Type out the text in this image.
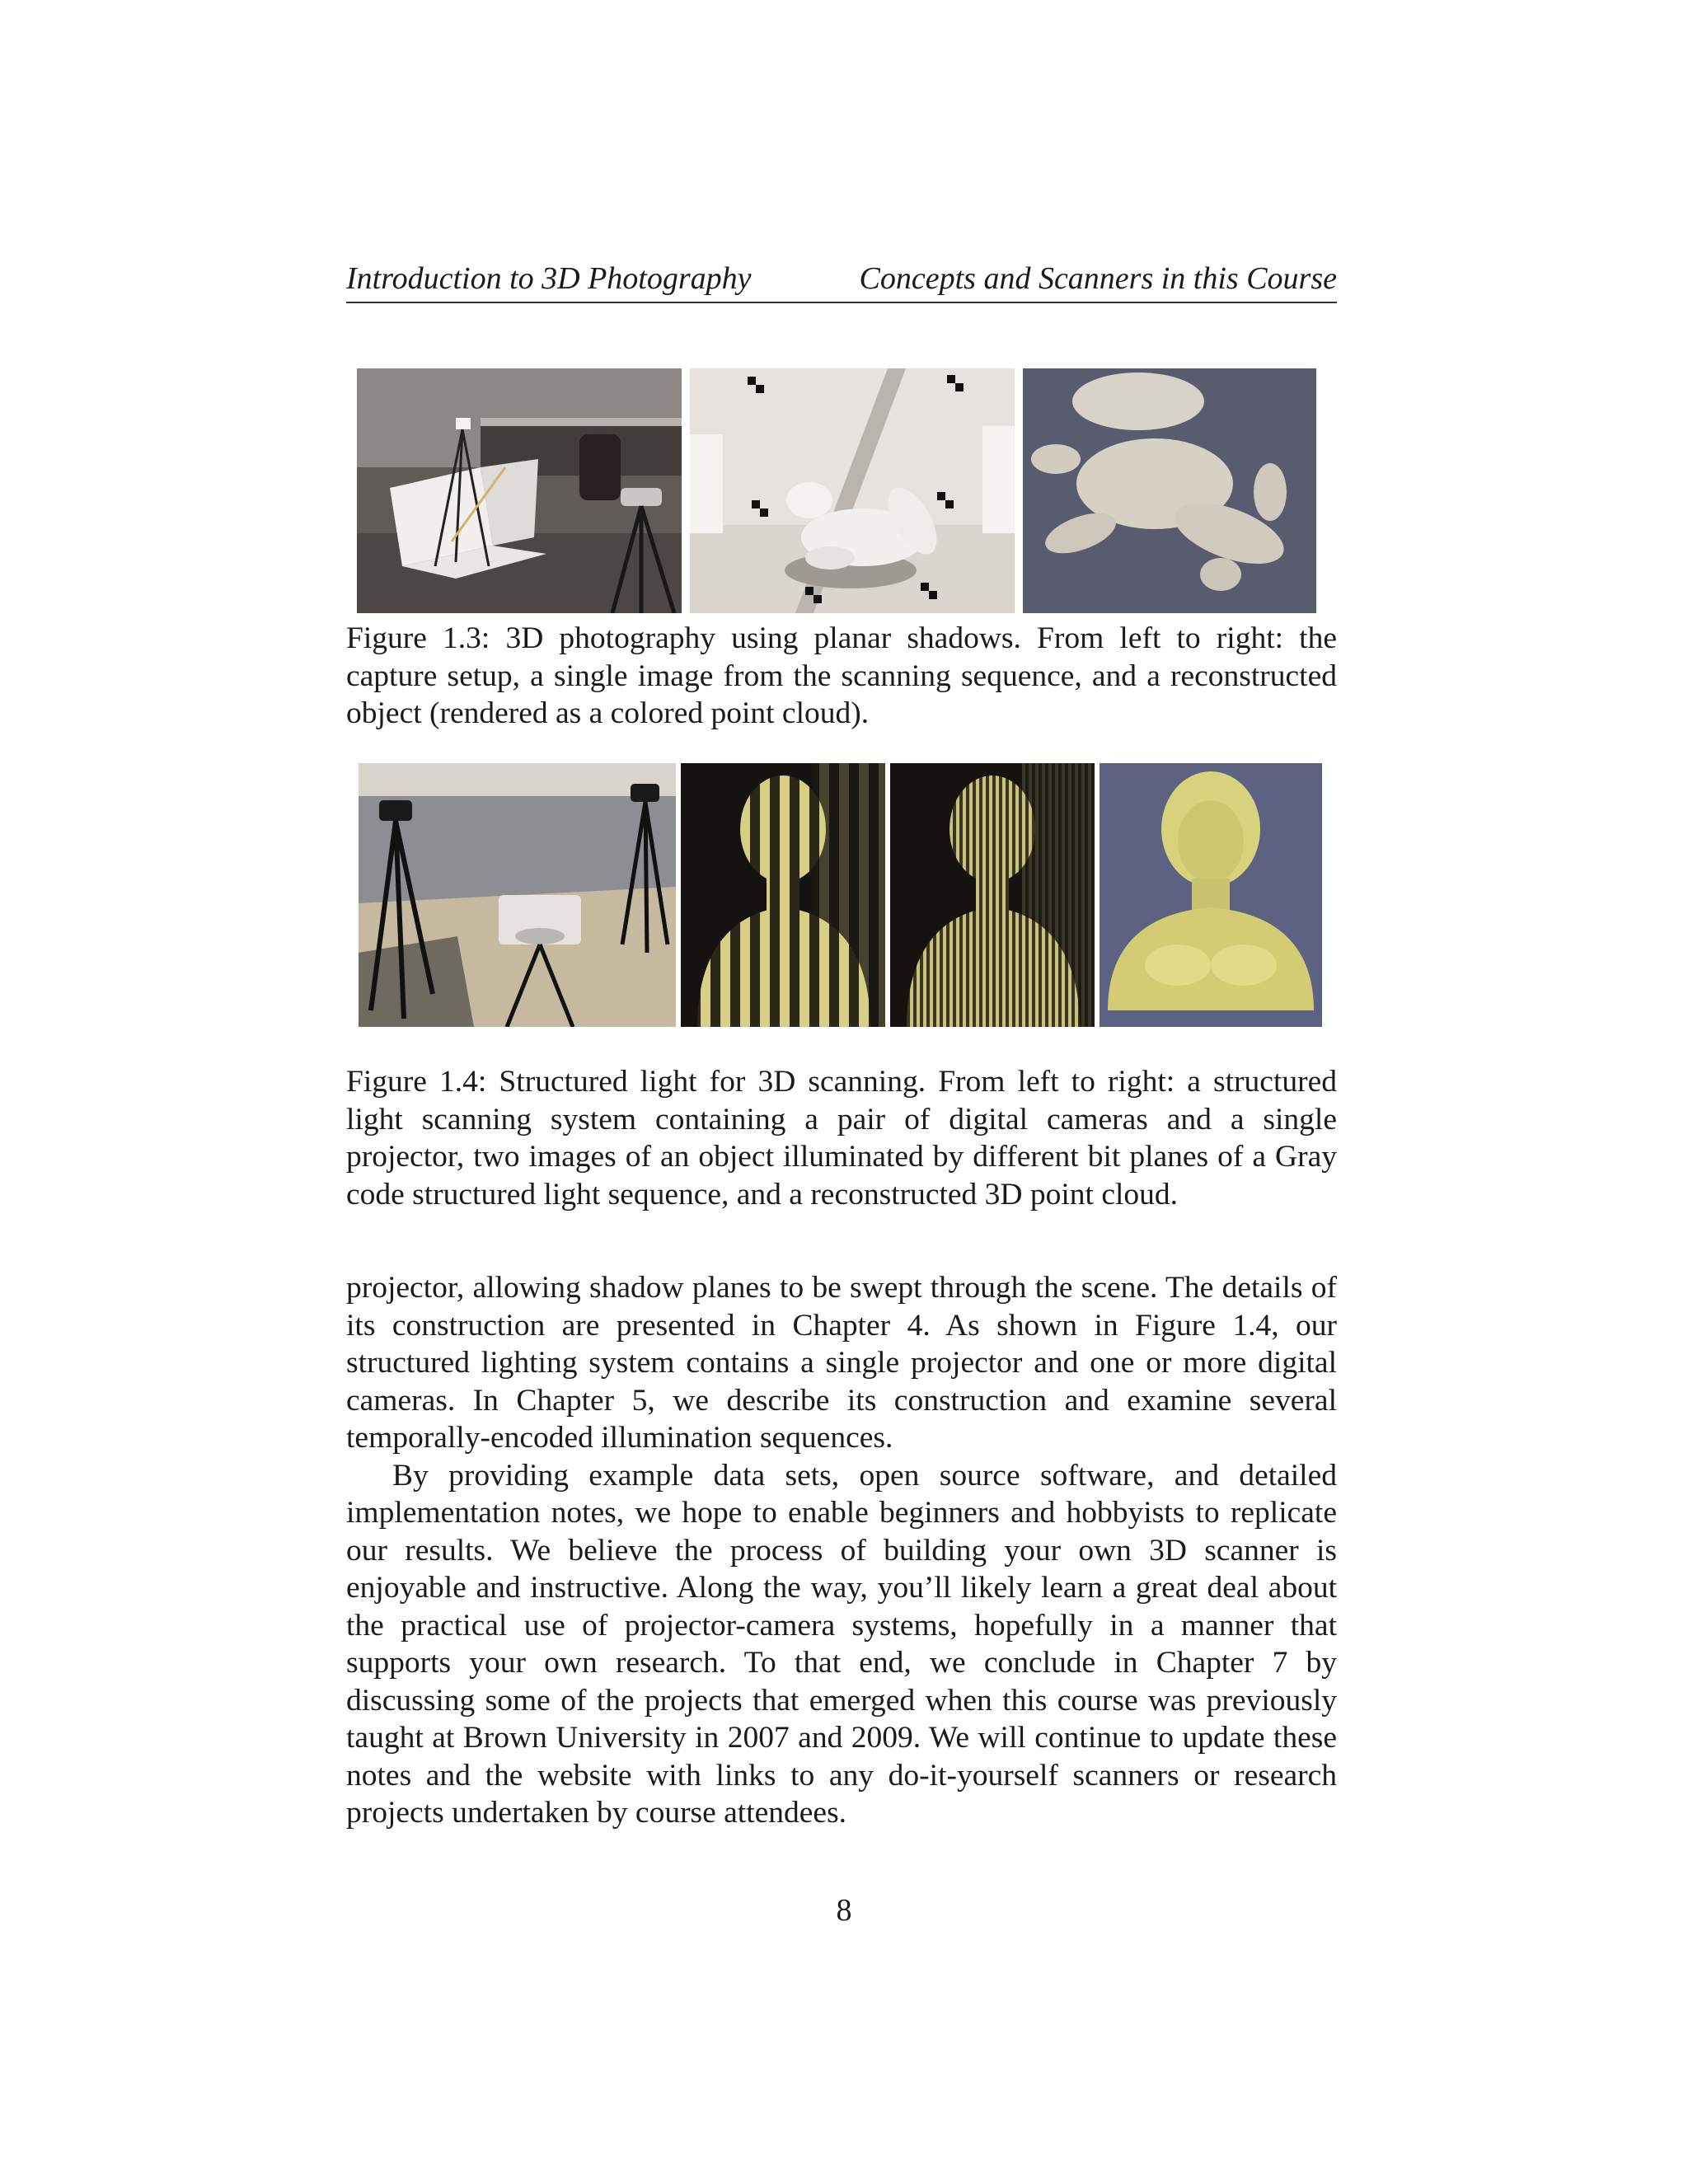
Introduction to 3D Photography	Concepts and Scanners in this Course

Figure 1.3: 3D photography using planar shadows. From left to right: the capture setup, a single image from the scanning sequence, and a reconstructed object (rendered as a colored point cloud).

Figure 1.4: Structured light for 3D scanning. From left to right: a structured light scanning system containing a pair of digital cameras and a single projector, two images of an object illuminated by different bit planes of a Gray code structured light sequence, and a reconstructed 3D point cloud.

projector, allowing shadow planes to be swept through the scene. The details of its construction are presented in Chapter 4. As shown in Figure 1.4, our structured lighting system contains a single projector and one or more digital cameras. In Chapter 5, we describe its construction and examine several temporally-encoded illumination sequences.

By providing example data sets, open source software, and detailed implementation notes, we hope to enable beginners and hobbyists to replicate our results. We believe the process of building your own 3D scanner is enjoyable and instructive. Along the way, you’ll likely learn a great deal about the practical use of projector-camera systems, hopefully in a manner that supports your own research. To that end, we conclude in Chapter 7 by discussing some of the projects that emerged when this course was previously taught at Brown University in 2007 and 2009. We will continue to update these notes and the website with links to any do-it-yourself scanners or research projects undertaken by course attendees.

8
